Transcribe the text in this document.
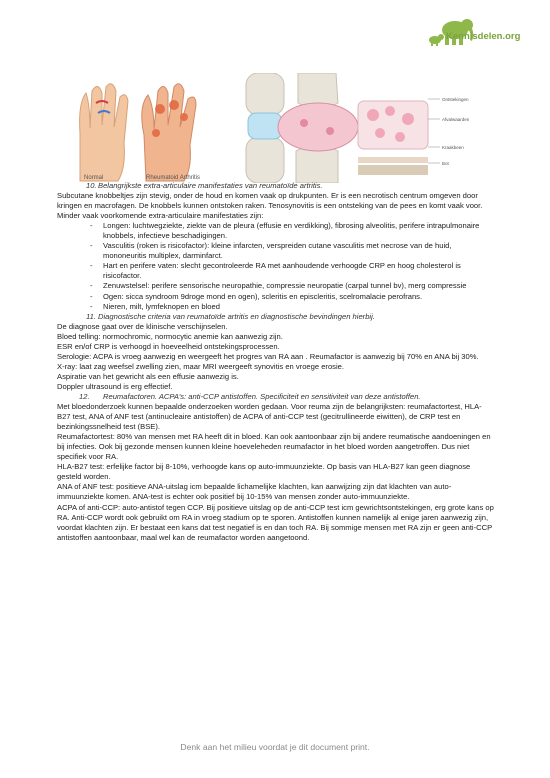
Kennisdelen.org
Normal	Rheumatoid Arthritis
Ontstekingen
Afvalwaarden
Kraakbeen
Bot

10.Belangrijkste extra-articulaire manifestaties van reumatoïde artritis.

Subcutane knobbeltjes zijn stevig, onder de houd en komen vaak op drukpunten. Er is een necrotisch centrum omgeven door kringen en macrofagen. De knobbels kunnen ontstoken raken. Tenosynovitis is een ontsteking van de pees en komt vaak voor.

Minder vaak voorkomende extra-articulaire manifestaties zijn:

- Longen: luchtwegziekte, ziekte van de pleura (effusie en verdikking), fibrosing alveolitis, perifere intrapulmonaire knobbels, infectieve beschadigingen.
- Vasculitis (roken is risicofactor): kleine infarcten, verspreiden cutane vasculitis met necrose van de huid, mononeuritis multiplex, darminfarct.
- Hart en perifere vaten: slecht gecontroleerde RA met aanhoudende verhoogde CRP en hoog cholesterol is risicofactor.
- Zenuwstelsel: perifere sensorische neuropathie, compressie neuropatie (carpal tunnel bv), merg compressie
- Ogen: sicca syndroom 9droge mond en ogen), scleritis en episcleritis, scelromalacie perofrans.
- Nieren, milt, lymfeknopen en bloed

11. Diagnostische criteria van reumatoïde artritis en diagnostische bevindingen hierbij.

De diagnose gaat over de klinische verschijnselen.

Bloed telling: normochromic, normocytic anemie kan aanwezig zijn.

ESR en/of CRP is verhoogd in hoeveelheid ontstekingsprocessen.

Serologie: ACPA is vroeg aanwezig en weergeeft het progres van RA aan . Reumafactor is aanwezig bij 70% en ANA bij 30%.

X-ray: laat zag weefsel zwelling zien, maar MRI weergeeft synovitis en vroege erosie.

Aspiratie van het gewricht als een effusie aanwezig is.

Doppler ultrasound is erg effectief.

12. Reumafactoren. ACPA’s: anti-CCP antistoffen. Specificiteit en sensitiviteit van deze antistoffen.

Met bloedonderzoek kunnen bepaalde onderzoeken worden gedaan. Voor reuma zijn de belangrijksten: reumafactortest, HLA-B27 test, ANA of ANF test (antinucleaire antistoffen) de ACPA of anti-CCP test (gecitrullineerde eiwitten), de CRP test en bezinkingssnelheid test (BSE).

Reumafactortest: 80% van mensen met RA heeft dit in bloed. Kan ook aantoonbaar zijn bij andere reumatische aandoeningen en bij infecties. Ook bij gezonde mensen kunnen kleine hoeveleheden reumafactor in het bloed worden aangetroffen. Dus niet specifiek voor RA.

HLA-B27 test: erfelijke factor bij 8-10%, verhoogde kans op auto-immuunziekte. Op basis van HLA-B27 kan geen diagnose gesteld worden.

ANA of ANF test: positieve ANA-uitslag icm bepaalde lichamelijke klachten, kan aanwijzing zijn dat klachten van auto-immuunziekte komen. ANA-test is echter ook positief bij 10-15% van mensen zonder auto-immuunziekte.

ACPA of anti-CCP: auto-antistof tegen CCP. Bij positieve uitslag op de anti-CCP test icm gewrichtsontstekingen, erg grote kans op RA. Anti-CCP wordt ook gebruikt om RA in vroeg stadium op te sporen. Antistoffen kunnen namelijk al enige jaren aanwezig zijn, voordat klachten zijn. Er bestaat een kans dat test negatief is en dan toch RA. Bij sommige mensen met RA zijn er geen anti-CCP antistoffen aantoonbaar, maal wel kan de reumafactor worden aangetoond.

Denk aan het milieu voordat je dit document print.
